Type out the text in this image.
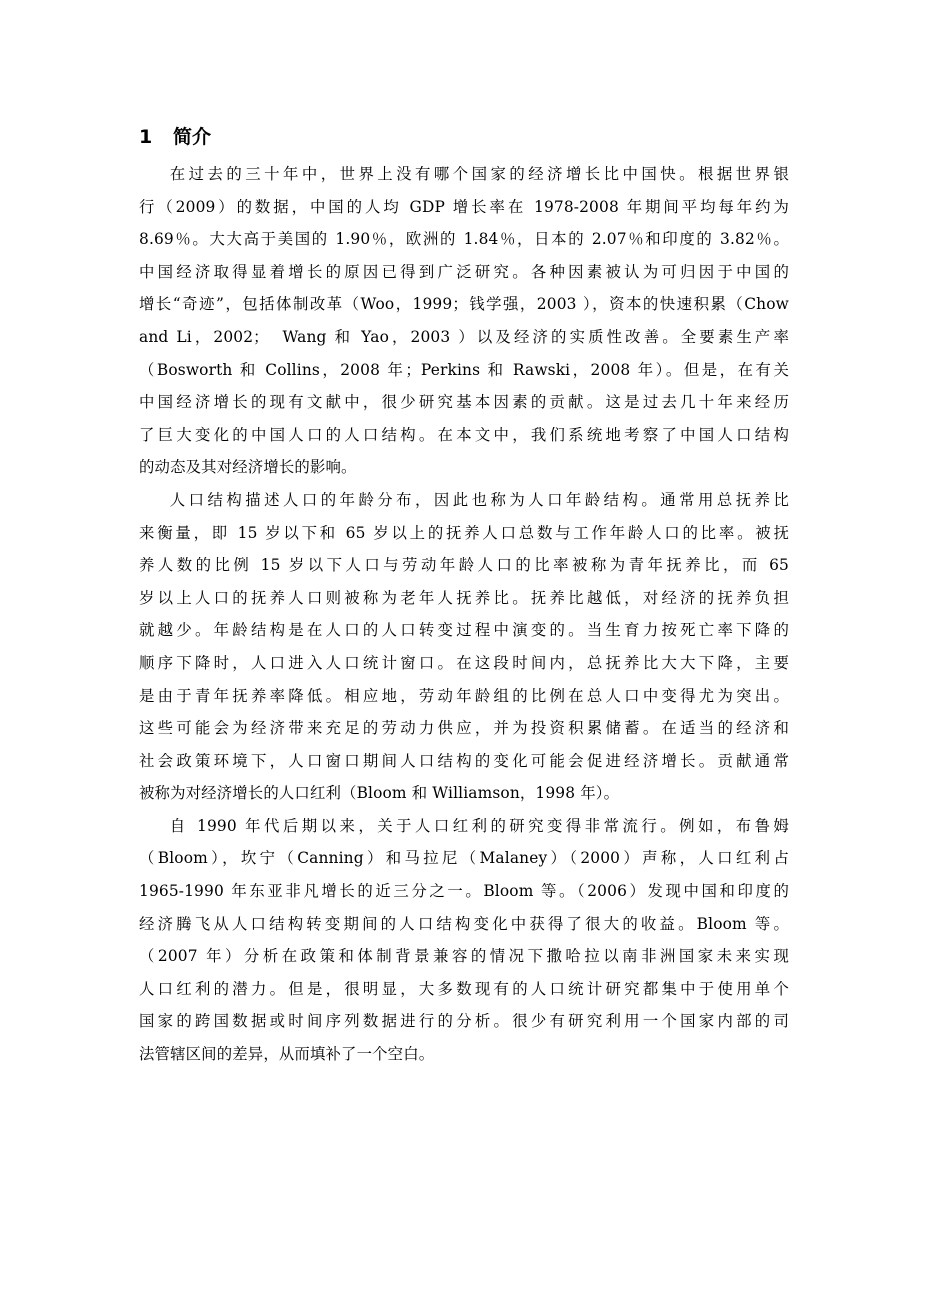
1 简介

在过去的三十年中，世界上没有哪个国家的经济增长比中国快。根据世界银
行（2009）的数据，中国的人均 GDP 增长率在 1978-2008 年期间平均每年约为
8.69％。大大高于美国的 1.90％，欧洲的 1.84％，日本的 2.07％和印度的 3.82％。
中国经济取得显着增长的原因已得到广泛研究。各种因素被认为可归因于中国的
增长“奇迹”，包括体制改革（Woo，1999；钱学强，2003 ），资本的快速积累（Chow
and Li，2002；　Wang 和 Yao，2003 ）以及经济的实质性改善。全要素生产率
（Bosworth 和 Collins，2008 年；Perkins 和 Rawski，2008 年）。但是，在有关
中国经济增长的现有文献中，很少研究基本因素的贡献。这是过去几十年来经历
了巨大变化的中国人口的人口结构。在本文中，我们系统地考察了中国人口结构
的动态及其对经济增长的影响。

人口结构描述人口的年龄分布，因此也称为人口年龄结构。通常用总抚养比
来衡量，即 15 岁以下和 65 岁以上的抚养人口总数与工作年龄人口的比率。被抚
养人数的比例 15 岁以下人口与劳动年龄人口的比率被称为青年抚养比，而 65
岁以上人口的抚养人口则被称为老年人抚养比。抚养比越低，对经济的抚养负担
就越少。年龄结构是在人口的人口转变过程中演变的。当生育力按死亡率下降的
顺序下降时，人口进入人口统计窗口。在这段时间内，总抚养比大大下降，主要
是由于青年抚养率降低。相应地，劳动年龄组的比例在总人口中变得尤为突出。
这些可能会为经济带来充足的劳动力供应，并为投资积累储蓄。在适当的经济和
社会政策环境下，人口窗口期间人口结构的变化可能会促进经济增长。贡献通常
被称为对经济增长的人口红利（Bloom 和 Williamson，1998 年）。

自 1990 年代后期以来，关于人口红利的研究变得非常流行。例如，布鲁姆
（Bloom），坎宁（Canning）和马拉尼（Malaney）（2000）声称，人口红利占
1965-1990 年东亚非凡增长的近三分之一。Bloom 等。（2006）发现中国和印度的
经济腾飞从人口结构转变期间的人口结构变化中获得了很大的收益。Bloom 等。
（2007 年）分析在政策和体制背景兼容的情况下撒哈拉以南非洲国家未来实现
人口红利的潜力。但是，很明显，大多数现有的人口统计研究都集中于使用单个
国家的跨国数据或时间序列数据进行的分析。很少有研究利用一个国家内部的司
法管辖区间的差异，从而填补了一个空白。
